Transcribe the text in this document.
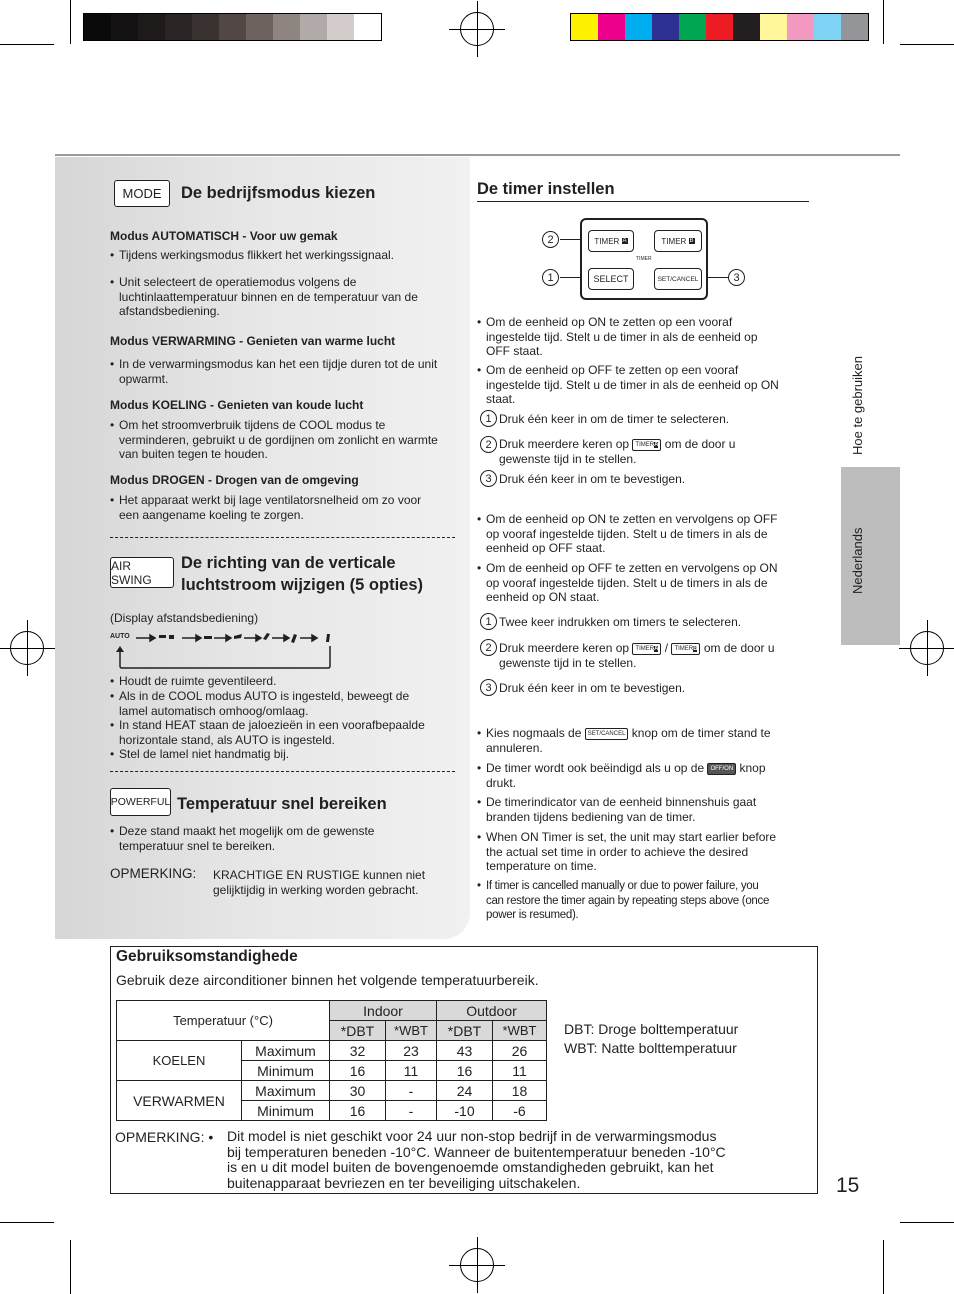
MODE	De bedrijfsmodus kiezen
Modus AUTOMATISCH - Voor uw gemak
• Tijdens werkingsmodus flikkert het werkingssignaal.
• Unit selecteert de operatiemodus volgens de
luchtinlaattemperatuur binnen en de temperatuur van de
afstandsbediening.
Modus VERWARMING - Genieten van warme lucht
• In de verwarmingsmodus kan het een tijdje duren tot de unit
opwarmt.
Modus KOELING - Genieten van koude lucht
• Om het stroomverbruik tijdens de COOL modus te
verminderen, gebruikt u de gordijnen om zonlicht en warmte
van buiten tegen te houden.
Modus DROGEN - Drogen van de omgeving
• Het apparaat werkt bij lage ventilatorsnelheid om zo voor
een aangename koeling te zorgen.
AIR SWING
De richting van de verticale
luchtstroom wijzigen (5 opties)
(Display afstandsbediening)
AUTO
• Houdt de ruimte geventileerd.
• Als in de COOL modus AUTO is ingesteld, beweegt de
lamel automatisch omhoog/omlaag.
• In stand HEAT staan de jaloezieën in een voorafbepaalde
horizontale stand, als AUTO is ingesteld.
• Stel de lamel niet handmatig bij.
POWERFUL Temperatuur snel bereiken
• Deze stand maakt het mogelijk om de gewenste
temperatuur snel te bereiken.
OPMERKING: KRACHTIGE EN RUSTIGE kunnen niet
gelijktijdig in werking worden gebracht.
De timer instellen
2
1	3
TIMER
A	TIMER
B
TIMER
SELECT	SET/CANCEL
• Om de eenheid op ON te zetten op een vooraf
ingestelde tijd. Stelt u de timer in als de eenheid op
OFF staat.
• Om de eenheid op OFF te zetten op een vooraf
ingestelde tijd. Stelt u de timer in als de eenheid op ON
staat.
1 Druk één keer in om de timer te selecteren.
2 Druk meerdere keren op TIMERA om de door u
gewenste tijd in te stellen.
3 Druk één keer in om te bevestigen.
• Om de eenheid op ON te zetten en vervolgens op OFF
op vooraf ingestelde tijden. Stelt u de timers in als de
eenheid op OFF staat.
• Om de eenheid op OFF te zetten en vervolgens op ON
op vooraf ingestelde tijden. Stelt u de timers in als de
eenheid op ON staat.
1 Twee keer indrukken om timers te selecteren.
2 Druk meerdere keren op TIMERA / TIMERB om de door u
gewenste tijd in te stellen.
3 Druk één keer in om te bevestigen.
• Kies nogmaals de SET/CANCEL knop om de timer stand te
annuleren.
• De timer wordt ook beëindigd als u op de OFF/ON knop
drukt.
• De timerindicator van de eenheid binnenshuis gaat
branden tijdens bediening van de timer.
• When ON Timer is set, the unit may start earlier before
the actual set time in order to achieve the desired
temperature on time.
• If timer is cancelled manually or due to power failure, you
can restore the timer again by repeating steps above (once
power is resumed).
Hoe te gebruiken
Nederlands
Gebruiksomstandighede
Gebruik deze airconditioner binnen het volgende temperatuurbereik.
Temperatuur (°C)		Indoor		Outdoor	
		*DBT	*WBT	*DBT	*WBT
KOELEN	Maximum	32	23	43	26
	Minimum	16	11	16	11
VERWARMEN	Maximum	30	-	24	18
	Minimum	16	-	-10	-6
DBT: Droge bolttemperatuur
WBT: Natte bolttemperatuur
OPMERKING: • Dit model is niet geschikt voor 24 uur non-stop bedrijf in de verwarmingsmodus
bij temperaturen beneden -10°C. Wanneer de buitentemperatuur beneden -10°C
is en u dit model buiten de bovengenoemde omstandigheden gebruikt, kan het
buitenapparaat bevriezen en ter beveiliging uitschakelen.	15
